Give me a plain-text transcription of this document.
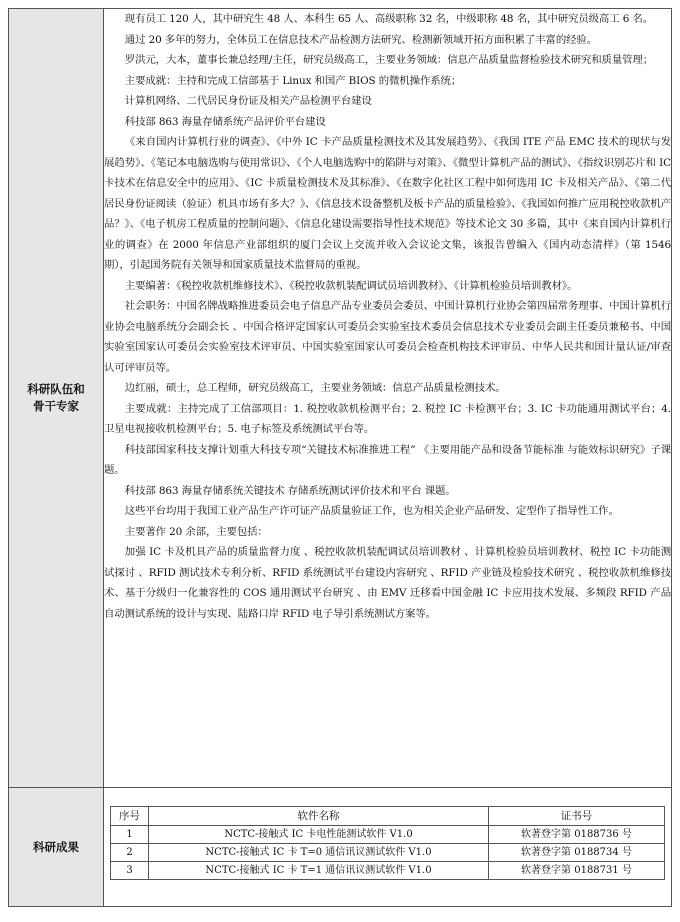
科研队伍和
骨干专家	

现有员工 120 人，其中研究生 48 人、本科生 65 人、高级职称 32 名，中级职称 48 名，其中研究员级高工 6 名。

通过 20 多年的努力，全体员工在信息技术产品检测方法研究、检测新领域开拓方面积累了丰富的经验。

罗洪元，大本，董事长兼总经理/主任，研究员级高工，主要业务领域：信息产品质量监督检验技术研究和质量管理；

主要成就：主持和完成工信部基于 Linux 和国产 BIOS 的微机操作系统；

计算机网络、二代居民身份证及相关产品检测平台建设

科技部 863 海量存储系统产品评价平台建设

《来自国内计算机行业的调查》、《中外 IC 卡产品质量检测技术及其发展趋势》、《我国 ITE 产品 EMC 技术的现状与发展趋势》、《笔记本电脑选购与使用常识》、《个人电脑选购中的陷阱与对策》、《微型计算机产品的测试》、《指纹识别芯片和 IC 卡技术在信息安全中的应用》、《IC 卡质量检测技术及其标准》、《在数字化社区工程中如何选用 IC 卡及相关产品》、《第二代居民身份证阅读（验证）机具市场有多大？》、《信息技术设备整机及板卡产品的质量检验》、《我国如何推广应用税控收款机产品？》、《电子机房工程质量的控制问题》、《信息化建设需要指导性技术规范》等技术论文 30 多篇，其中《来自国内计算机行业的调查》在 2000 年信息产业部组织的厦门会议上交流并收入会议论文集，该报告曾编入《国内动态清样》（第 1546 期），引起国务院有关领导和国家质量技术监督局的重视。

主要编著：《税控收款机维修技术》、《税控收款机装配调试员培训教材》、《计算机检验员培训教材》。

社会职务：中国名牌战略推进委员会电子信息产品专业委员会委员、中国计算机行业协会第四届常务理事、中国计算机行业协会电脑系统分会副会长 、中国合格评定国家认可委员会实验室技术委员会信息技术专业委员会副主任委员兼秘书、中国实验室国家认可委员会实验室技术评审员、中国实验室国家认可委员会检查机构技术评审员、中华人民共和国计量认证/审查认可评审员等。

边红丽，硕士，总工程师，研究员级高工，主要业务领域：信息产品质量检测技术。

主要成就：主持完成了工信部项目：1. 税控收款机检测平台；2. 税控 IC 卡检测平台；3. IC 卡功能通用测试平台；4. 卫星电视接收机检测平台；5. 电子标签及系统测试平台等。

科技部国家科技支撑计划重大科技专项“关键技术标准推进工程” 《主要用能产品和设备节能标准 与能效标识研究》子课题。

科技部 863 海量存储系统关键技术 存储系统测试评价技术和平台 课题。

这些平台均用于我国工业产品生产许可证产品质量验证工作，也为相关企业产品研发、定型作了指导性工作。

主要著作 20 余部，主要包括：

加强 IC 卡及机具产品的质量监督力度 、税控收款机装配调试员培训教材 、计算机检验员培训教材、税控 IC 卡功能测试探讨 、RFID 测试技术专利分析、RFID 系统测试平台建设内容研究 、RFID 产业链及检验技术研究 、税控收款机维修技术、基于分级归一化兼容性的 COS 通用测试平台研究 、由 EMV 迁移看中国金融 IC 卡应用技术发展、多频段 RFID 产品自动测试系统的设计与实现、陆路口岸 RFID 电子导引系统测试方案等。

科研成果	
序号	软件名称	证书号
1	NCTC-接触式 IC 卡电性能测试软件 V1.0	软著登字第 0188736 号
2	NCTC-接触式 IC 卡 T=0 通信讯议测试软件 V1.0	软著登字第 0188734 号
3	NCTC-接触式 IC 卡 T=1 通信讯议测试软件 V1.0	软著登字第 0188731 号
